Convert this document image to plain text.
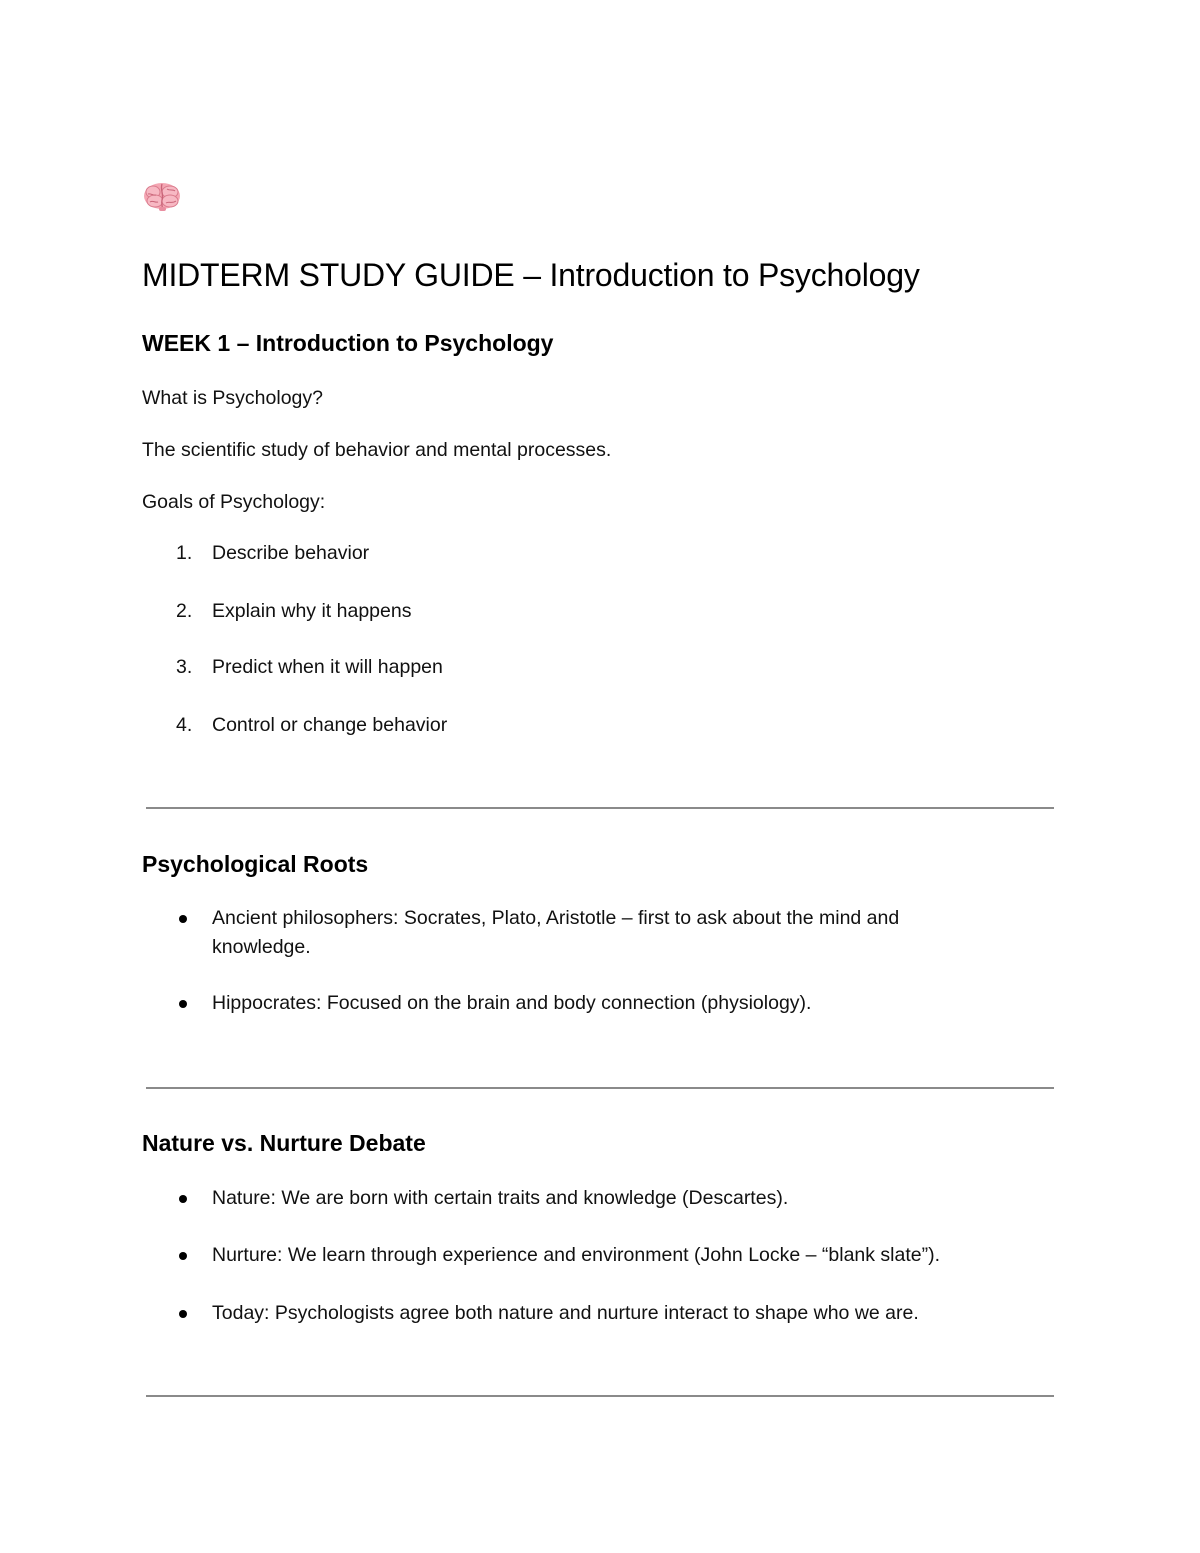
MIDTERM STUDY GUIDE – Introduction to Psychology
WEEK 1 – Introduction to Psychology
What is Psychology?
The scientific study of behavior and mental processes.
Goals of Psychology:
1. Describe behavior
2. Explain why it happens
3. Predict when it will happen
4. Control or change behavior
Psychological Roots
Ancient philosophers: Socrates, Plato, Aristotle – first to ask about the mind and
knowledge.
Hippocrates: Focused on the brain and body connection (physiology).
Nature vs. Nurture Debate
Nature: We are born with certain traits and knowledge (Descartes).
Nurture: We learn through experience and environment (John Locke – “blank slate”).
Today: Psychologists agree both nature and nurture interact to shape who we are.
